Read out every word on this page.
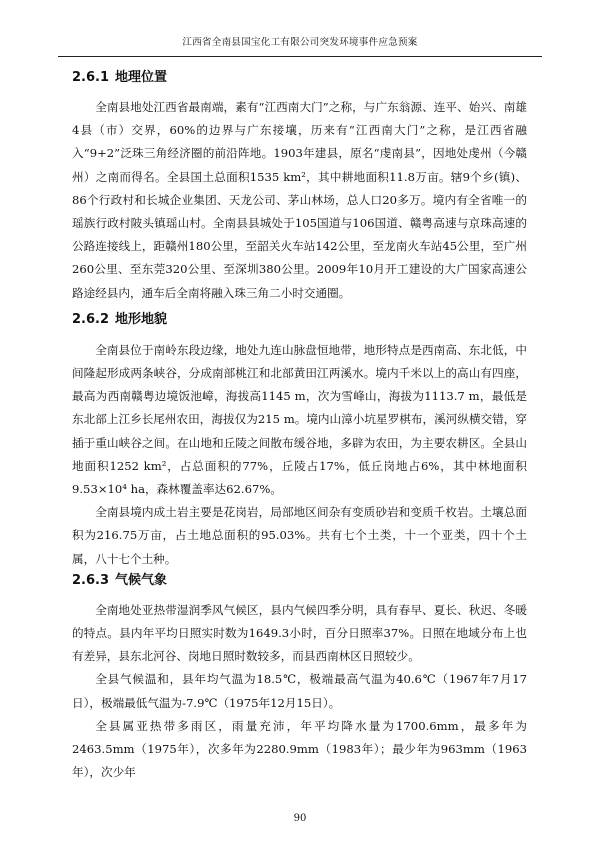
江西省全南县国宝化工有限公司突发环境事件应急预案
2.6.1 地理位置

全南县地处江西省最南端，素有“江西南大门”之称，与广东翁源、连平、始兴、南雄4县（市）交界，60%的边界与广东接壤，历来有“江西南大门”之称，是江西省融入“9+2”泛珠三角经济圈的前沿阵地。1903年建县，原名“虔南县”，因地处虔州（今赣州）之南而得名。全县国土总面积1535 km²，其中耕地面积11.8万亩。辖9个乡(镇)、86个行政村和长城企业集团、天龙公司、茅山林场，总人口20多万。境内有全省唯一的瑶族行政村陂头镇瑶山村。全南县县城处于105国道与106国道、赣粤高速与京珠高速的公路连接线上，距赣州180公里，至韶关火车站142公里，至龙南火车站45公里，至广州260公里、至东莞320公里、至深圳380公里。2009年10月开工建设的大广国家高速公路途经县内，通车后全南将融入珠三角二小时交通圈。

2.6.2 地形地貌

全南县位于南岭东段边缘，地处九连山脉盘恒地带，地形特点是西南高、东北低，中间隆起形成两条峡谷，分成南部桃江和北部黄田江两溪水。境内千米以上的高山有四座，最高为西南赣粤边境饭池嶂，海拔高1145 m，次为雪峰山，海拔为1113.7 m，最低是东北部上江乡长尾州农田，海拔仅为215 m。境内山漳小坑星罗棋布，溪河纵横交错，穿插于重山峡谷之间。在山地和丘陵之间散布缓谷地，多辟为农田，为主要农耕区。全县山地面积1252 km²，占总面积的77%，丘陵占17%，低丘岗地占6%，其中林地面积9.53×10⁴ ha，森林覆盖率达62.67%。

全南县境内成土岩主要是花岗岩，局部地区间杂有变质砂岩和变质千枚岩。土壤总面积为216.75万亩，占土地总面积的95.03%。共有七个土类，十一个亚类，四十个土属，八十七个土种。

2.6.3 气候气象

全南地处亚热带湿润季风气候区，县内气候四季分明，具有春早、夏长、秋迟、冬暖的特点。县内年平均日照实时数为1649.3小时，百分日照率37%。日照在地域分布上也有差异，县东北河谷、岗地日照时数较多，而县西南林区日照较少。

全县气候温和，县年均气温为18.5℃，极端最高气温为40.6℃（1967年7月17日），极端最低气温为-7.9℃（1975年12月15日）。

全县属亚热带多雨区，雨量充沛，年平均降水量为1700.6mm，最多年为2463.5mm（1975年），次多年为2280.9mm（1983年）；最少年为963mm（1963年），次少年

90
